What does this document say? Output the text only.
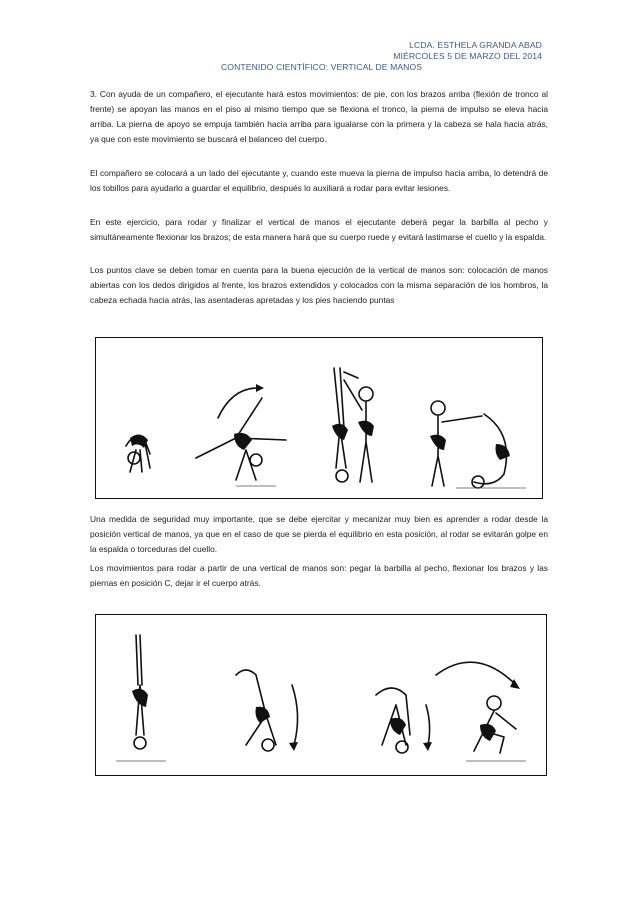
LCDA. ESTHELA GRANDA ABAD
MIÉRCOLES 5 DE MARZO DEL 2014
CONTENIDO CIENTÍFICO: VERTICAL DE MANOS

3. Con ayuda de un compañero, el ejecutante hará estos movimientos: de pie, con los brazos arriba (flexión de tronco al frente) se apoyan las manos en el piso al mismo tiempo que se flexiona el tronco, la pierna de impulso se eleva hacia arriba. La pierna de apoyo se empuja también hacia arriba para igualarse con la primera y la cabeza se hala hacia atrás, ya que con este movimiento se buscará el balanceo del cuerpo.

El compañero se colocará a un lado del ejecutante y, cuando este mueva la pierna de impulso hacia arriba, lo detendrá de los tobillos para ayudarlo a guardar el equilibrio, después lo auxiliará a rodar para evitar lesiones.

En este ejercicio, para rodar y finalizar el vertical de manos el ejecutante deberá pegar la barbilla al pecho y simultáneamente flexionar los brazos; de esta manera hará que su cuerpo ruede y evitará lastimarse el cuello y la espalda.

Los puntos clave se deben tomar en cuenta para la buena ejecución de la vertical de manos son: colocación de manos abiertas con los dedos dirigidos al frente, los brazos extendidos y colocados con la misma separación de los hombros, la cabeza echada hacia atrás, las asentaderas apretadas y los pies haciendo puntas

Una medida de seguridad muy importante, que se debe ejercitar y mecanizar muy bien es aprender a rodar desde la posición vertical de manos, ya que en el caso de que se pierda el equilibrio en esta posición, al rodar se evitarán golpe en la espalda o torceduras del cuello.

Los movimientos para rodar a partir de una vertical de manos son: pegar la barbilla al pecho, flexionar los brazos y las piernas en posición C, dejar ir el cuerpo atrás.
